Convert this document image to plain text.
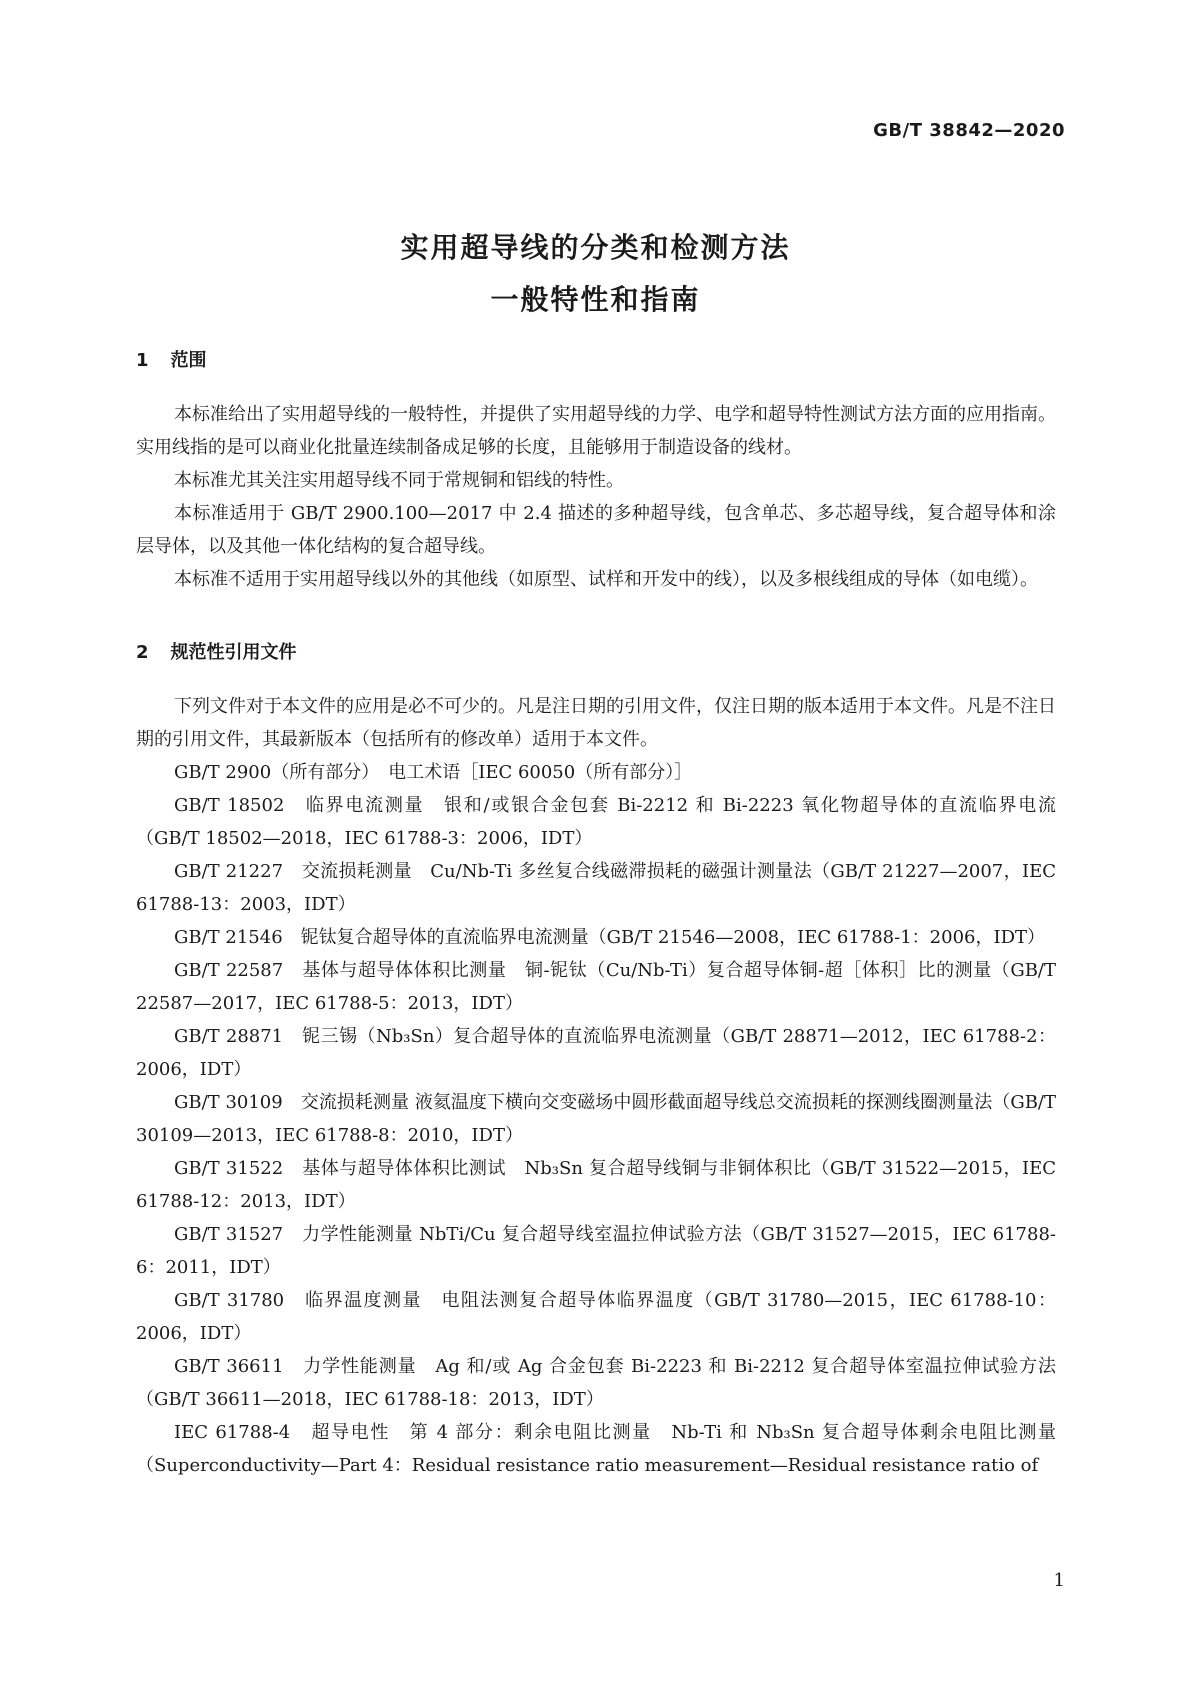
GB/T 38842—2020
实用超导线的分类和检测方法
一般特性和指南
1 范围

本标准给出了实用超导线的一般特性，并提供了实用超导线的力学、电学和超导特性测试方法方面的应用指南。实用线指的是可以商业化批量连续制备成足够的长度，且能够用于制造设备的线材。

本标准尤其关注实用超导线不同于常规铜和铝线的特性。

本标准适用于 GB/T 2900.100—2017 中 2.4 描述的多种超导线，包含单芯、多芯超导线，复合超导体和涂层导体，以及其他一体化结构的复合超导线。

本标准不适用于实用超导线以外的其他线（如原型、试样和开发中的线），以及多根线组成的导体（如电缆）。

2 规范性引用文件

下列文件对于本文件的应用是必不可少的。凡是注日期的引用文件，仅注日期的版本适用于本文件。凡是不注日期的引用文件，其最新版本（包括所有的修改单）适用于本文件。

GB/T 2900（所有部分）　电工术语［IEC 60050（所有部分）］

GB/T 18502　临界电流测量　银和/或银合金包套 Bi-2212 和 Bi-2223 氧化物超导体的直流临界电流（GB/T 18502—2018，IEC 61788-3：2006，IDT）

GB/T 21227　交流损耗测量　Cu/Nb-Ti 多丝复合线磁滞损耗的磁强计测量法（GB/T 21227—2007，IEC 61788-13：2003，IDT）

GB/T 21546　铌钛复合超导体的直流临界电流测量（GB/T 21546—2008，IEC 61788-1：2006，IDT）

GB/T 22587　基体与超导体体积比测量　铜-铌钛（Cu/Nb-Ti）复合超导体铜-超［体积］比的测量（GB/T 22587—2017，IEC 61788-5：2013，IDT）

GB/T 28871　铌三锡（Nb₃Sn）复合超导体的直流临界电流测量（GB/T 28871—2012，IEC 61788-2：2006，IDT）

GB/T 30109　交流损耗测量 液氦温度下横向交变磁场中圆形截面超导线总交流损耗的探测线圈测量法（GB/T 30109—2013，IEC 61788-8：2010，IDT）

GB/T 31522　基体与超导体体积比测试　Nb₃Sn 复合超导线铜与非铜体积比（GB/T 31522—2015，IEC 61788-12：2013，IDT）

GB/T 31527　力学性能测量 NbTi/Cu 复合超导线室温拉伸试验方法（GB/T 31527—2015，IEC 61788-6：2011，IDT）

GB/T 31780　临界温度测量　电阻法测复合超导体临界温度（GB/T 31780—2015，IEC 61788-10：2006，IDT）

GB/T 36611　力学性能测量　Ag 和/或 Ag 合金包套 Bi-2223 和 Bi-2212 复合超导体室温拉伸试验方法（GB/T 36611—2018，IEC 61788-18：2013，IDT）

IEC 61788-4　超导电性　第 4 部分：剩余电阻比测量　Nb-Ti 和 Nb₃Sn 复合超导体剩余电阻比测量（Superconductivity—Part 4：Residual resistance ratio measurement—Residual resistance ratio of

1
